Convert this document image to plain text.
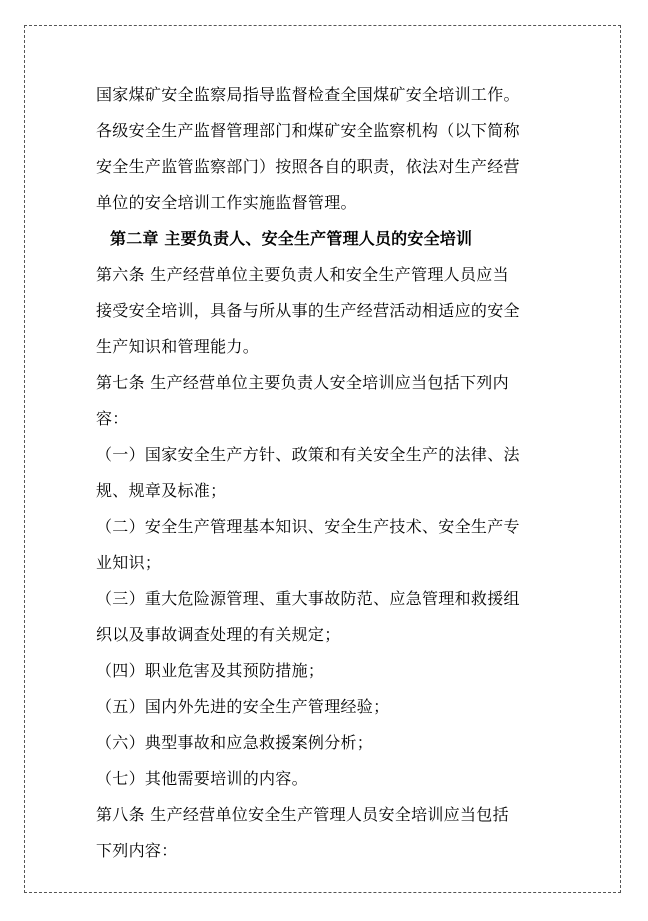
国家煤矿安全监察局指导监督检查全国煤矿安全培训工作。
各级安全生产监督管理部门和煤矿安全监察机构（以下简称
安全生产监管监察部门）按照各自的职责，依法对生产经营
单位的安全培训工作实施监督管理。
第二章 主要负责人、安全生产管理人员的安全培训
第六条 生产经营单位主要负责人和安全生产管理人员应当
接受安全培训，具备与所从事的生产经营活动相适应的安全
生产知识和管理能力。
第七条 生产经营单位主要负责人安全培训应当包括下列内
容：
（一）国家安全生产方针、政策和有关安全生产的法律、法
规、规章及标准；
（二）安全生产管理基本知识、安全生产技术、安全生产专
业知识；
（三）重大危险源管理、重大事故防范、应急管理和救援组
织以及事故调查处理的有关规定；
（四）职业危害及其预防措施；
（五）国内外先进的安全生产管理经验；
（六）典型事故和应急救援案例分析；
（七）其他需要培训的内容。
第八条 生产经营单位安全生产管理人员安全培训应当包括
下列内容：
